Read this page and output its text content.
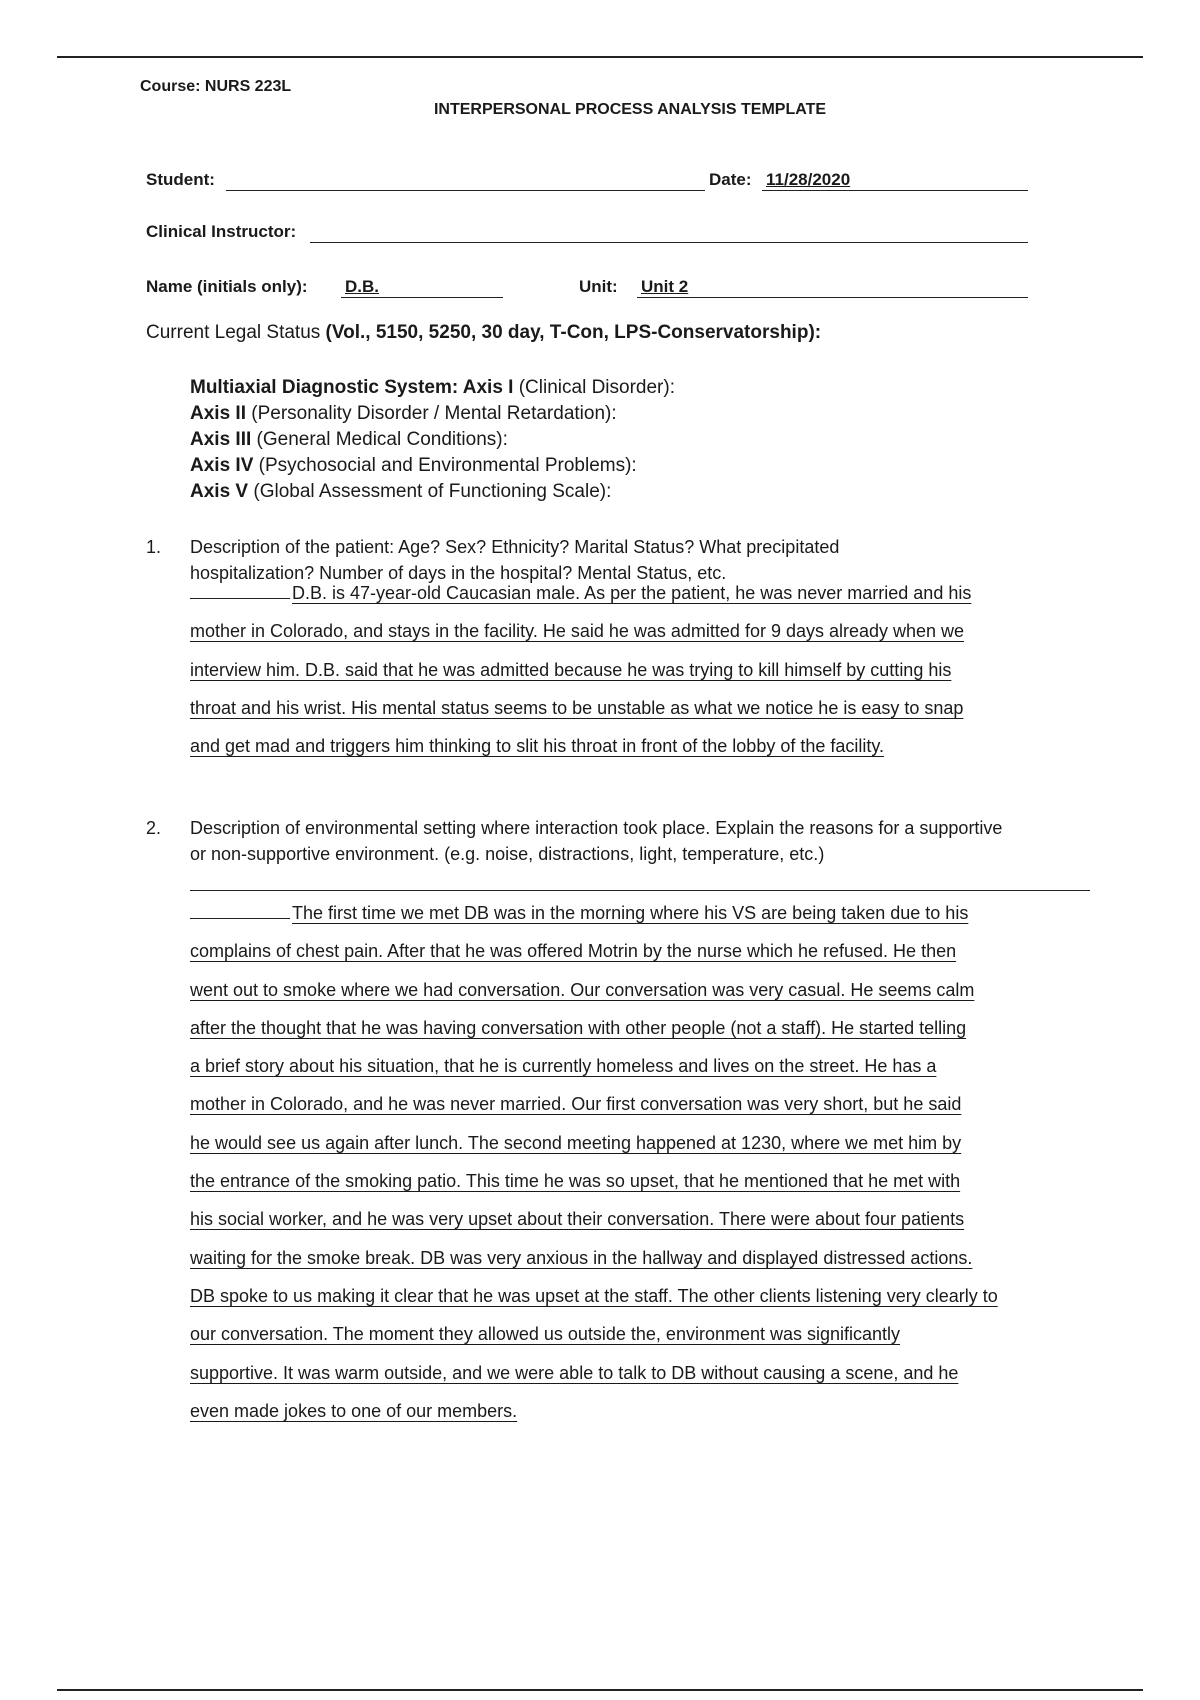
Course: NURS 223L
INTERPERSONAL PROCESS ANALYSIS TEMPLATE
Student:	Date: 11/28/2020
Clinical Instructor:
Name (initials only): D.B.	Unit: Unit 2
Current Legal Status (Vol., 5150, 5250, 30 day, T-Con, LPS-Conservatorship):
Multiaxial Diagnostic System: Axis I (Clinical Disorder):
Axis II (Personality Disorder / Mental Retardation):
Axis III (General Medical Conditions):
Axis IV (Psychosocial and Environmental Problems):
Axis V (Global Assessment of Functioning Scale):
1. Description of the patient: Age? Sex? Ethnicity? Marital Status? What precipitated
hospitalization? Number of days in the hospital? Mental Status, etc.
D.B. is 47-year-old Caucasian male. As per the patient, he was never married and his
mother in Colorado, and stays in the facility. He said he was admitted for 9 days already when we
interview him. D.B. said that he was admitted because he was trying to kill himself by cutting his
throat and his wrist. His mental status seems to be unstable as what we notice he is easy to snap
and get mad and triggers him thinking to slit his throat in front of the lobby of the facility.
2. Description of environmental setting where interaction took place. Explain the reasons for a supportive
or non-supportive environment. (e.g. noise, distractions, light, temperature, etc.)
The first time we met DB was in the morning where his VS are being taken due to his
complains of chest pain. After that he was offered Motrin by the nurse which he refused. He then
went out to smoke where we had conversation. Our conversation was very casual. He seems calm
after the thought that he was having conversation with other people (not a staff). He started telling
a brief story about his situation, that he is currently homeless and lives on the street. He has a
mother in Colorado, and he was never married. Our first conversation was very short, but he said
he would see us again after lunch. The second meeting happened at 1230, where we met him by
the entrance of the smoking patio. This time he was so upset, that he mentioned that he met with
his social worker, and he was very upset about their conversation. There were about four patients
waiting for the smoke break. DB was very anxious in the hallway and displayed distressed actions.
DB spoke to us making it clear that he was upset at the staff. The other clients listening very clearly to
our conversation. The moment they allowed us outside the, environment was significantly
supportive. It was warm outside, and we were able to talk to DB without causing a scene, and he
even made jokes to one of our members.
